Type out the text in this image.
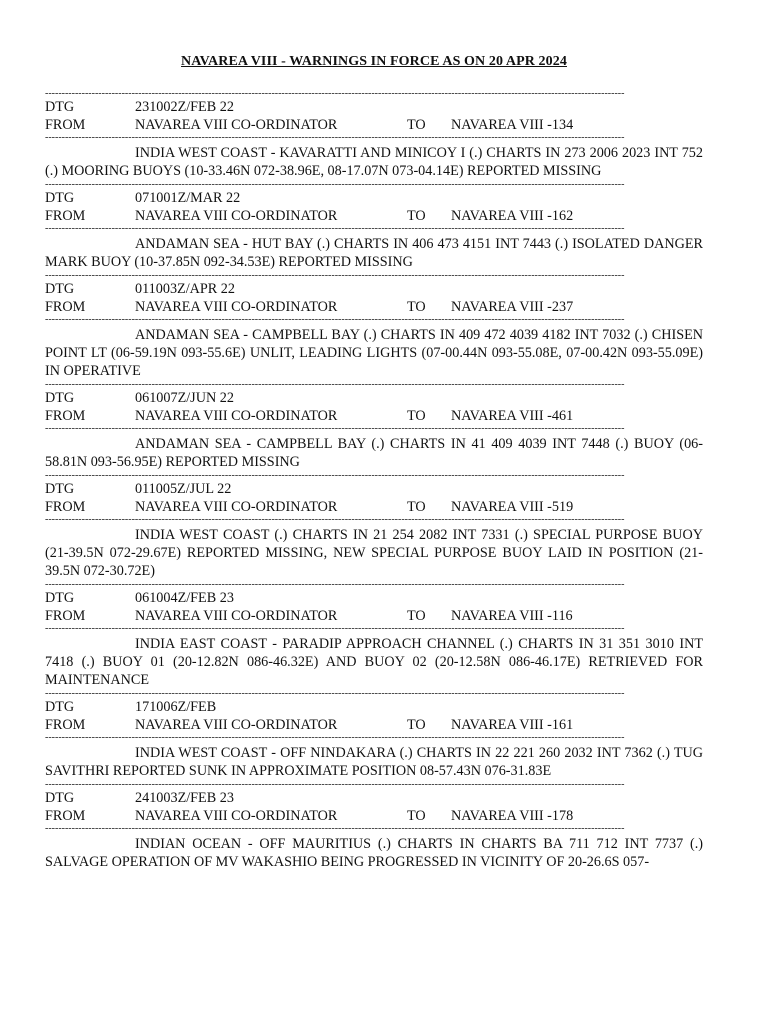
NAVAREA VIII - WARNINGS IN FORCE AS ON 20 APR 2024
-----
DTG	231002Z/FEB 22
FROM	NAVAREA VIII CO-ORDINATOR	TO	NAVAREA VIII -134
-----

INDIA WEST COAST - KAVARATTI AND MINICOY I (.) CHARTS IN 273 2006 2023 INT 752 (.) MOORING BUOYS (10-33.46N 072-38.96E, 08-17.07N 073-04.14E) REPORTED MISSING

-----
DTG	071001Z/MAR 22
FROM	NAVAREA VIII CO-ORDINATOR	TO	NAVAREA VIII -162
-----

ANDAMAN SEA - HUT BAY (.) CHARTS IN 406 473 4151 INT 7443 (.) ISOLATED DANGER MARK BUOY (10-37.85N 092-34.53E) REPORTED MISSING

-----
DTG	011003Z/APR 22
FROM	NAVAREA VIII CO-ORDINATOR	TO	NAVAREA VIII -237
-----

ANDAMAN SEA - CAMPBELL BAY (.) CHARTS IN 409 472 4039 4182 INT 7032 (.) CHISEN POINT LT (06-59.19N 093-55.6E) UNLIT, LEADING LIGHTS (07-00.44N 093-55.08E, 07-00.42N 093-55.09E) IN OPERATIVE

-----
DTG	061007Z/JUN 22
FROM	NAVAREA VIII CO-ORDINATOR	TO	NAVAREA VIII -461
-----

ANDAMAN SEA - CAMPBELL BAY (.) CHARTS IN 41 409 4039 INT 7448 (.) BUOY (06-58.81N 093-56.95E) REPORTED MISSING

-----
DTG	011005Z/JUL 22
FROM	NAVAREA VIII CO-ORDINATOR	TO	NAVAREA VIII -519
-----

INDIA WEST COAST (.) CHARTS IN 21 254 2082 INT 7331 (.) SPECIAL PURPOSE BUOY (21-39.5N 072-29.67E) REPORTED MISSING, NEW SPECIAL PURPOSE BUOY LAID IN POSITION (21-39.5N 072-30.72E)

-----
DTG	061004Z/FEB 23
FROM	NAVAREA VIII CO-ORDINATOR	TO	NAVAREA VIII -116
-----

INDIA EAST COAST - PARADIP APPROACH CHANNEL (.) CHARTS IN 31 351 3010 INT 7418 (.) BUOY 01 (20-12.82N 086-46.32E) AND BUOY 02 (20-12.58N 086-46.17E) RETRIEVED FOR MAINTENANCE

-----
DTG	171006Z/FEB
FROM	NAVAREA VIII CO-ORDINATOR	TO	NAVAREA VIII -161
-----

INDIA WEST COAST - OFF NINDAKARA (.) CHARTS IN 22 221 260 2032 INT 7362 (.) TUG SAVITHRI REPORTED SUNK IN APPROXIMATE POSITION 08-57.43N 076-31.83E

-----
DTG	241003Z/FEB 23
FROM	NAVAREA VIII CO-ORDINATOR	TO	NAVAREA VIII -178
-----

INDIAN OCEAN - OFF MAURITIUS (.) CHARTS IN CHARTS BA 711 712 INT 7737 (.) SALVAGE OPERATION OF MV WAKASHIO BEING PROGRESSED IN VICINITY OF 20-26.6S 057-
